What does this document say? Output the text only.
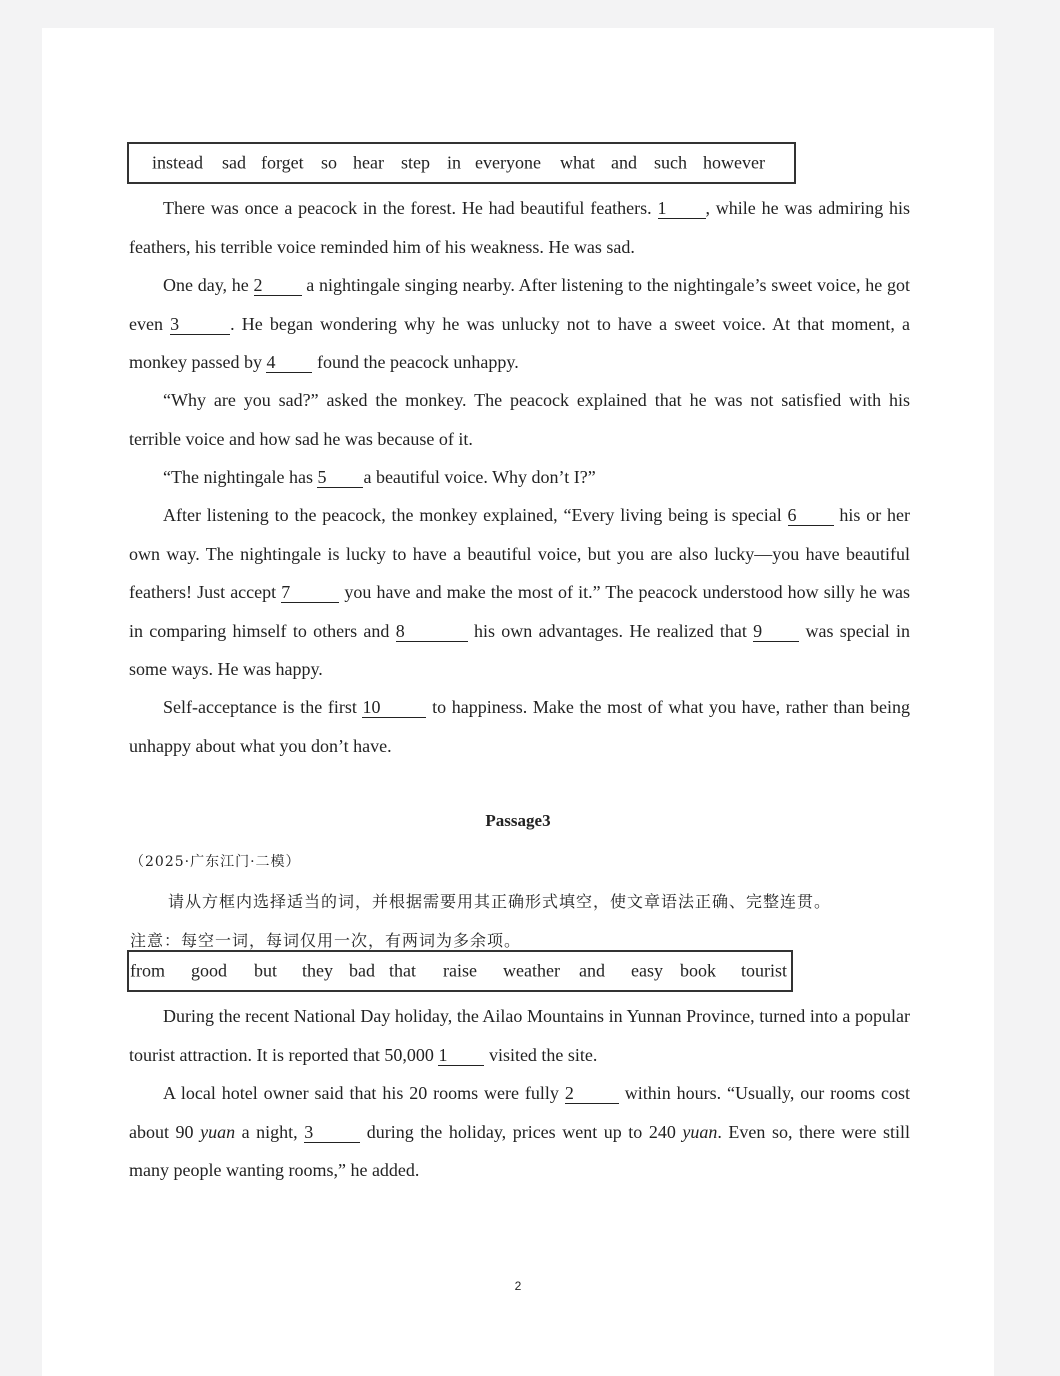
instead sad forget so hear step in everyone what and such however
There was once a peacock in the forest. He had beautiful feathers. 1 , while he was admiring his feathers, his terrible voice reminded him of his weakness. He was sad.
One day, he 2 a nightingale singing nearby. After listening to the nightingale’s sweet voice, he got even 3	. He began wondering why he was unlucky not to have a sweet voice. At that moment, a monkey passed by 4 found the peacock unhappy.
“Why are you sad?” asked the monkey. The peacock explained that he was not satisfied with his terrible voice and how sad he was because of it.
“The nightingale has 5 a beautiful voice. Why don’t I?”
After listening to the peacock, the monkey explained, “Every living being is special 6 his or her own way. The nightingale is lucky to have a beautiful voice, but you are also lucky—you have beautiful feathers! Just accept 7	you have and make the most of it.” The peacock understood how silly he was in comparing himself to others and 8	his own advantages. He realized that 9 was special in some ways. He was happy.
Self-acceptance is the first 10	to happiness. Make the most of what you have, rather than being unhappy about what you don’t have.
Passage3
（2025·广东江门·二模）
请从方框内选择适当的词，并根据需要用其正确形式填空，使文章语法正确、完整连贯。
注意：每空一词，每词仅用一次，有两词为多余项。
from good but they bad that raise weather and easy book tourist
During the recent National Day holiday, the Ailao Mountains in Yunnan Province, turned into a popular tourist attraction. It is reported that 50,000 1 visited the site.
A local hotel owner said that his 20 rooms were fully 2	within hours. “Usually, our rooms cost about 90 yuan a night, 3	during the holiday, prices went up to 240 yuan. Even so, there were still many people wanting rooms,” he added.
2
